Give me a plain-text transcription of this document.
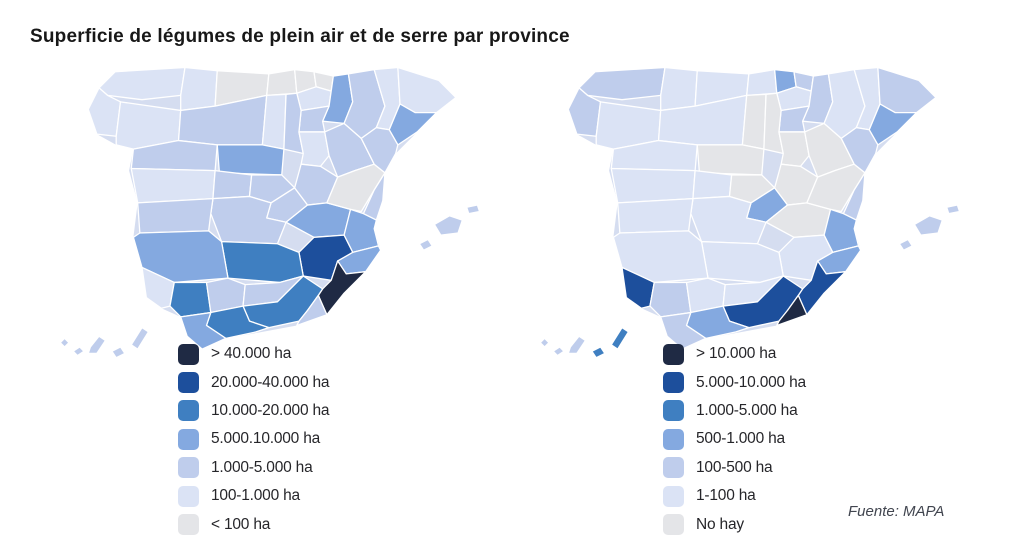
Superficie de légumes de plein air et de serre par province
> 40.000 ha
20.000-40.000 ha
10.000-20.000 ha
5.000.10.000 ha
1.000-5.000 ha
100-1.000 ha
< 100 ha
> 10.000 ha
5.000-10.000 ha
1.000-5.000 ha
500-1.000 ha
100-500 ha
1-100 ha
No hay
Fuente: MAPA
